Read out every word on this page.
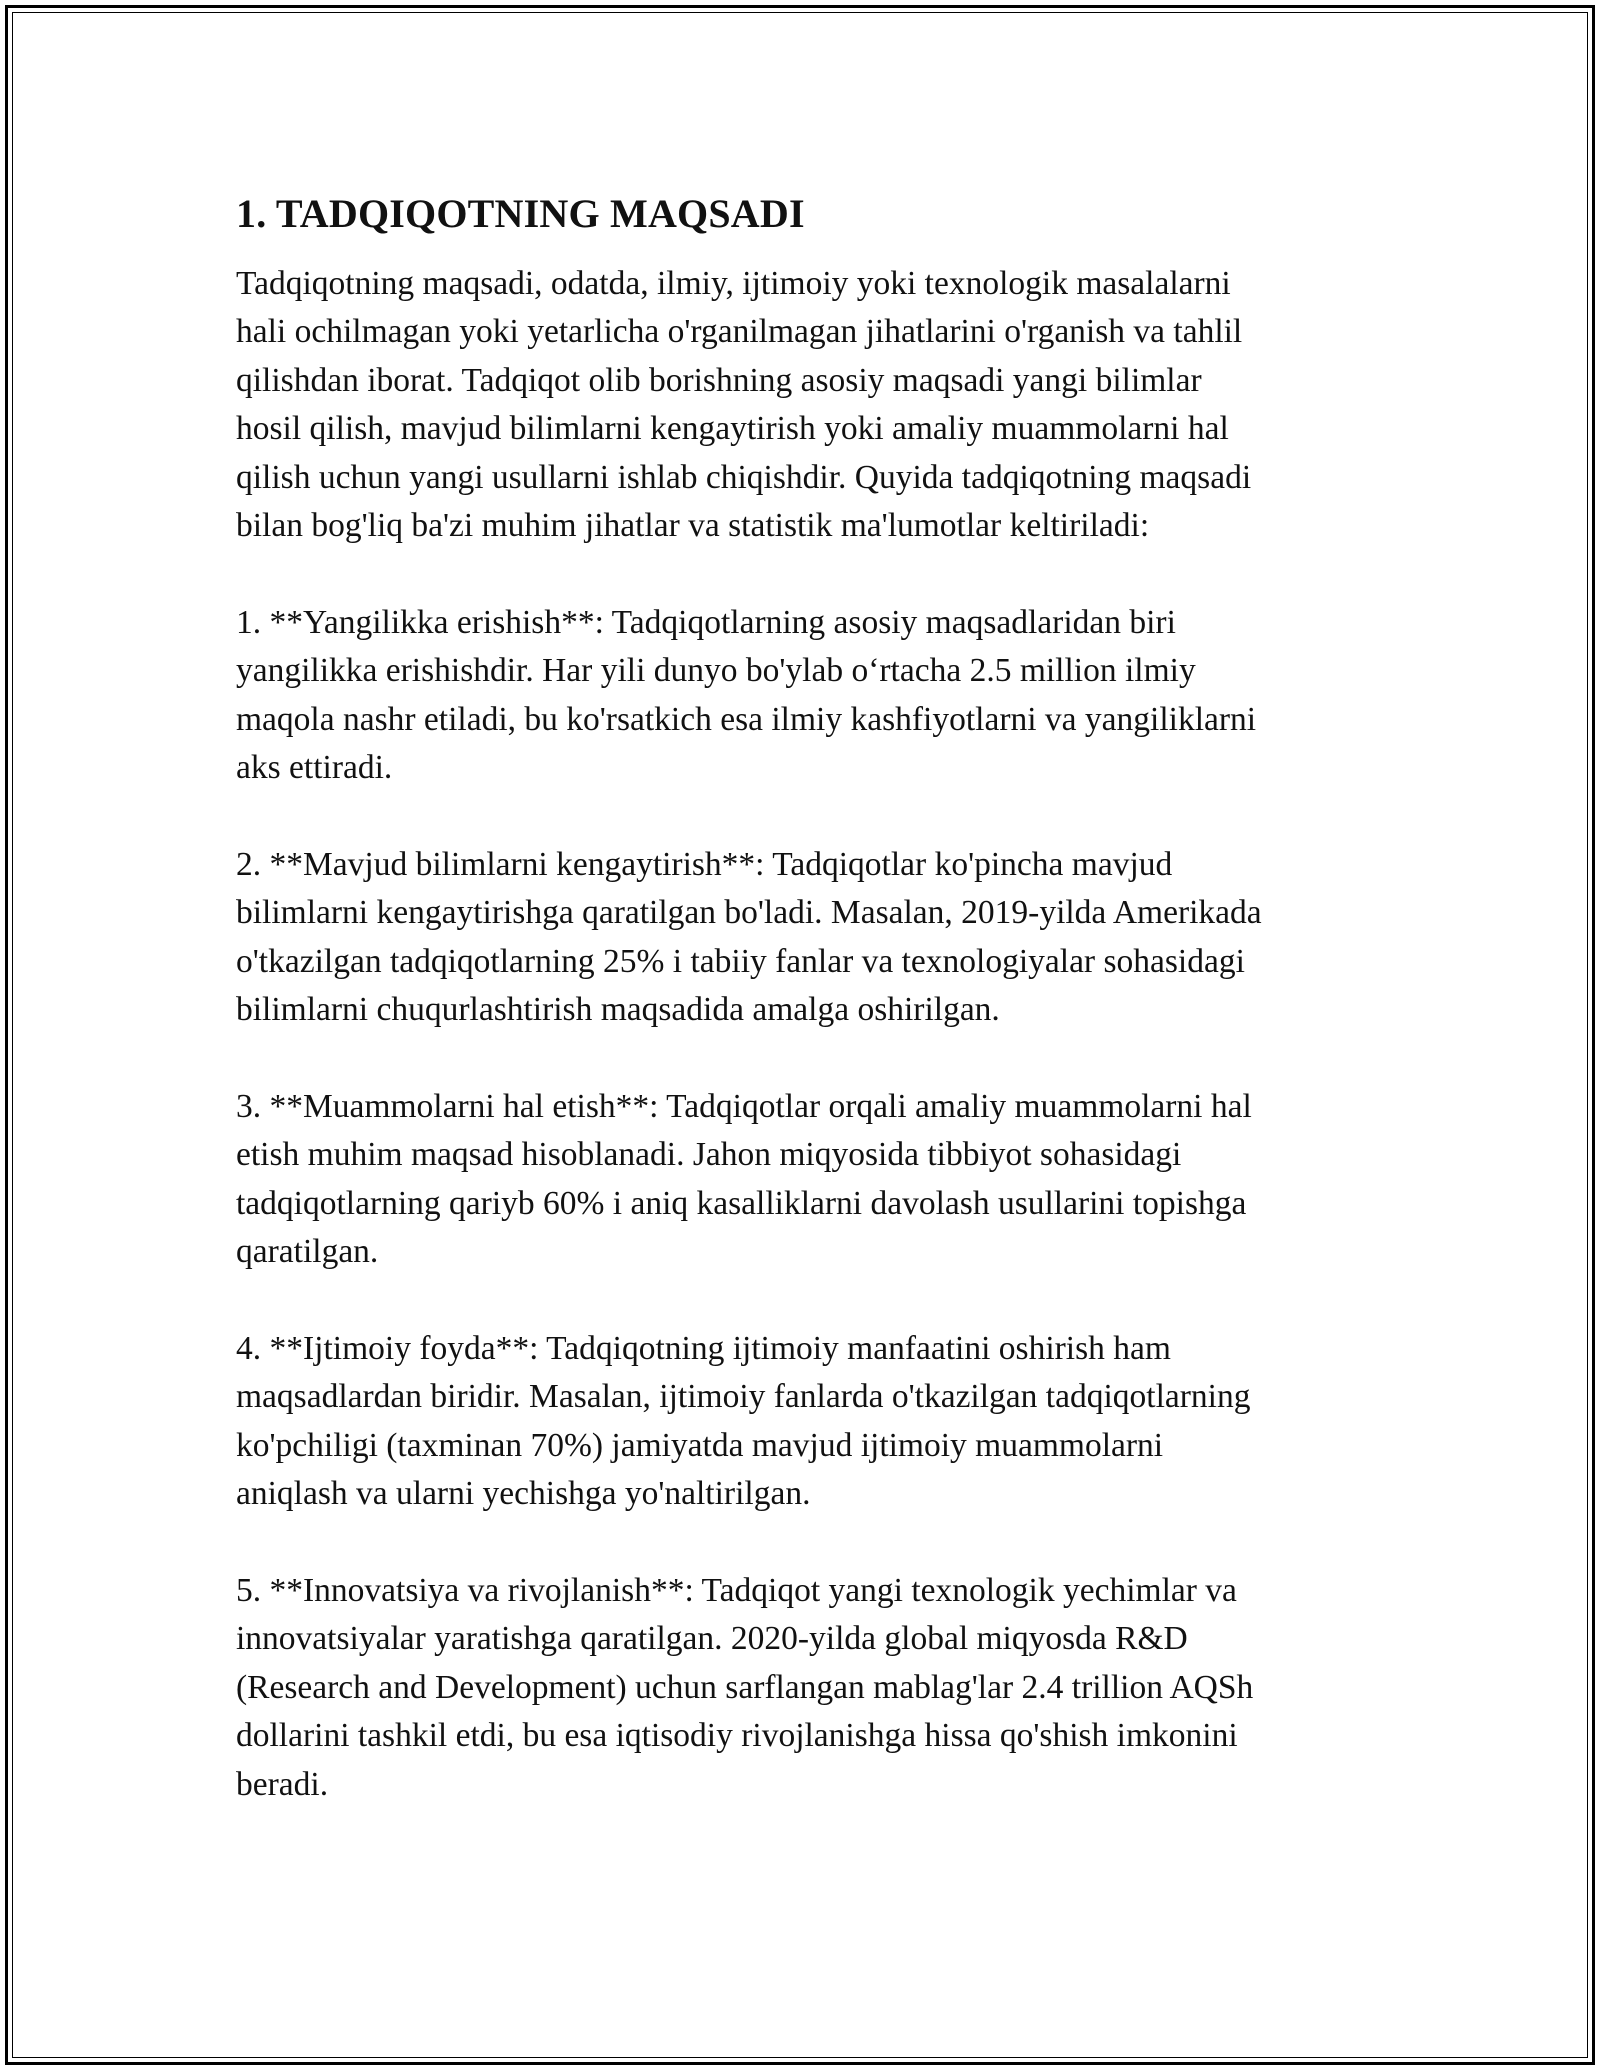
1. TADQIQOTNING MAQSADI

Tadqiqotning maqsadi, odatda, ilmiy, ijtimoiy yoki texnologik masalalarni
hali ochilmagan yoki yetarlicha o'rganilmagan jihatlarini o'rganish va tahlil
qilishdan iborat. Tadqiqot olib borishning asosiy maqsadi yangi bilimlar
hosil qilish, mavjud bilimlarni kengaytirish yoki amaliy muammolarni hal
qilish uchun yangi usullarni ishlab chiqishdir. Quyida tadqiqotning maqsadi
bilan bog'liq ba'zi muhim jihatlar va statistik ma'lumotlar keltiriladi:

1. **Yangilikka erishish**: Tadqiqotlarning asosiy maqsadlaridan biri
yangilikka erishishdir. Har yili dunyo bo'ylab o‘rtacha 2.5 million ilmiy
maqola nashr etiladi, bu ko'rsatkich esa ilmiy kashfiyotlarni va yangiliklarni
aks ettiradi.

2. **Mavjud bilimlarni kengaytirish**: Tadqiqotlar ko'pincha mavjud
bilimlarni kengaytirishga qaratilgan bo'ladi. Masalan, 2019-yilda Amerikada
o'tkazilgan tadqiqotlarning 25% i tabiiy fanlar va texnologiyalar sohasidagi
bilimlarni chuqurlashtirish maqsadida amalga oshirilgan.

3. **Muammolarni hal etish**: Tadqiqotlar orqali amaliy muammolarni hal
etish muhim maqsad hisoblanadi. Jahon miqyosida tibbiyot sohasidagi
tadqiqotlarning qariyb 60% i aniq kasalliklarni davolash usullarini topishga
qaratilgan.

4. **Ijtimoiy foyda**: Tadqiqotning ijtimoiy manfaatini oshirish ham
maqsadlardan biridir. Masalan, ijtimoiy fanlarda o'tkazilgan tadqiqotlarning
ko'pchiligi (taxminan 70%) jamiyatda mavjud ijtimoiy muammolarni
aniqlash va ularni yechishga yo'naltirilgan.

5. **Innovatsiya va rivojlanish**: Tadqiqot yangi texnologik yechimlar va
innovatsiyalar yaratishga qaratilgan. 2020-yilda global miqyosda R&D
(Research and Development) uchun sarflangan mablag'lar 2.4 trillion AQSh
dollarini tashkil etdi, bu esa iqtisodiy rivojlanishga hissa qo'shish imkonini
beradi.
